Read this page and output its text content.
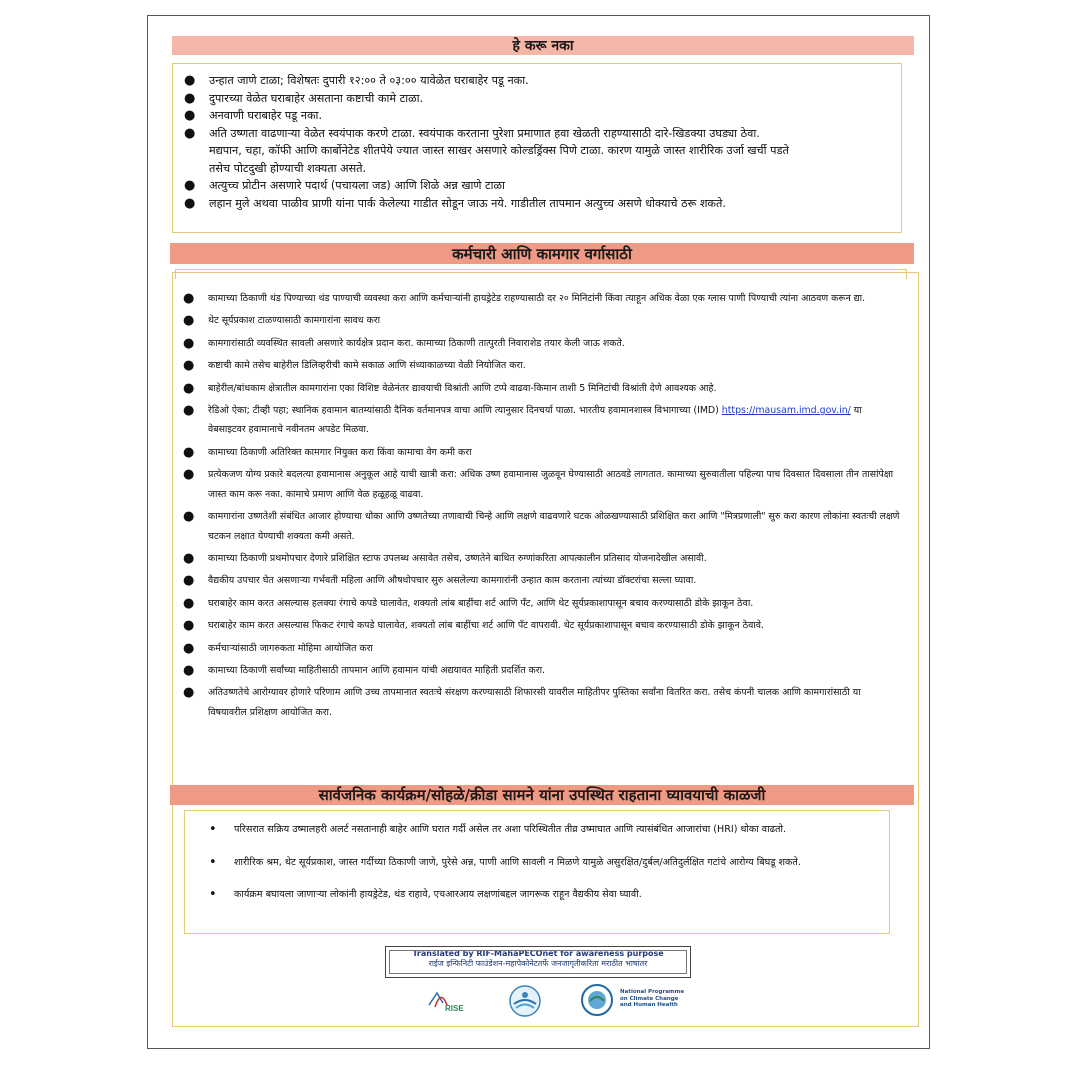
हे करू नका
● उन्हात जाणे टाळा; विशेषतः दुपारी १२:०० ते ०३:०० यावेळेत घराबाहेर पडू नका.
● दुपारच्या वेळेत घराबाहेर असताना कष्टाची कामे टाळा.
● अनवाणी घराबाहेर पडू नका.
● अति उष्णता वाढणाऱ्या वेळेत स्वयंपाक करणे टाळा. स्वयंपाक करताना पुरेशा प्रमाणात हवा खेळती राहण्यासाठी दारे-खिडक्या उघड्या ठेवा. मद्यपान, चहा, कॉफी आणि कार्बोनेटेड शीतपेये ज्यात जास्त साखर असणारे कोल्डड्रिंक्स पिणे टाळा. कारण यामुळे जास्त शारीरिक उर्जा खर्ची पडते तसेच पोटदुखी होण्याची शक्यता असते.
● अत्युच्च प्रोटीन असणारे पदार्थ (पचायला जड) आणि शिळे अन्न खाणे टाळा
● लहान मुले अथवा पाळीव प्राणी यांना पार्क केलेल्या गाडीत सोडून जाऊ नये. गाडीतील तापमान अत्युच्च असणे धोक्याचे ठरू शकते.
कर्मचारी आणि कामगार वर्गासाठी
● कामाच्या ठिकाणी थंड पिण्याच्या थंड पाण्याची व्यवस्था करा आणि कर्मचाऱ्यांनी हायड्रेटेड राहण्यासाठी दर २० मिनिटांनी किंवा त्याहून अधिक वेळा एक ग्लास पाणी पिण्याची त्यांना आठवण करून द्या.
● थेट सूर्यप्रकाश टाळण्यासाठी कामगारांना सावध करा
● कामगारांसाठी व्यवस्थित सावली असणारे कार्यक्षेत्र प्रदान करा. कामाच्या ठिकाणी तात्पुरती निवाराशेड तयार केली जाऊ शकते.
● कष्टाची कामे तसेच बाहेरील डिलिव्हरीची कामे सकाळ आणि संध्याकाळच्या वेळी नियोजित करा.
● बाहेरील/बांधकाम क्षेत्रातील कामगारांना एका विशिष्ट वेळेनंतर द्यावयाची विश्रांती आणि टप्पे वाढवा-किमान ताशी 5 मिनिटांची विश्रांती देणे आवश्यक आहे.
● रेडिओ ऐका; टीव्ही पहा; स्थानिक हवामान बातम्यांसाठी दैनिक वर्तमानपत्र वाचा आणि त्यानुसार दिनचर्या पाळा. भारतीय हवामानशास्त्र विभागाच्या (IMD) https://mausam.imd.gov.in/ या वेबसाइटवर हवामानाचे नवीनतम अपडेट मिळवा.
● कामाच्या ठिकाणी अतिरिक्त कामगार नियुक्त करा किंवा कामाचा वेग कमी करा
● प्रत्येकजण योग्य प्रकारे बदलत्या हवामानास अनुकूल आहे याची खात्री करा: अधिक उष्ण हवामानास जुळवून घेण्यासाठी आठवडे लागतात. कामाच्या सुरुवातीला पहिल्या पाच दिवसात दिवसाला तीन तासांपेक्षा जास्त काम करू नका. कामाचे प्रमाण आणि वेळ हळूहळू वाढवा.
● कामगारांना उष्णतेशी संबंधित आजार होण्याचा धोका आणि उष्णतेच्या तणावाची चिन्हे आणि लक्षणे वाढवणारे घटक ओळखण्यासाठी प्रशिक्षित करा आणि "मित्रप्रणाली" सुरु करा कारण लोकांना स्वतःची लक्षणे चटकन लक्षात येण्याची शक्यता कमी असते.
● कामाच्या ठिकाणी प्रथमोपचार देणारे प्रशिक्षित स्टाफ उपलब्ध असावेत तसेच, उष्णतेने बाधित रुग्णांकरिता आपत्कालीन प्रतिसाद योजनादेखील असावी.
● वैद्यकीय उपचार घेत असणाऱ्या गर्भवती महिला आणि औषधोपचार सुरु असलेल्या कामगारांनी उन्हात काम करताना त्यांच्या डॉक्टरांचा सल्ला घ्यावा.
● घराबाहेर काम करत असल्यास हलक्या रंगाचे कपडे घालावेत, शक्यतो लांब बाहींचा शर्ट आणि पँट, आणि थेट सूर्यप्रकाशापासून बचाव करण्यासाठी डोके झाकून ठेवा.
● घराबाहेर काम करत असल्यास फिकट रंगाचे कपडे घालावेत, शक्यतो लांब बाहींचा शर्ट आणि पँट वापरावी. थेट सूर्यप्रकाशापासून बचाव करण्यासाठी डोके झाकून ठेवावे.
● कर्मचाऱ्यांसाठी जागरुकता मोहिमा आयोजित करा
● कामाच्या ठिकाणी सर्वांच्या माहितीसाठी तापमान आणि हवामान यांची अद्ययावत माहिती प्रदर्शित करा.
● अतिउष्णतेचे आरोग्यावर होणारे परिणाम आणि उच्च तापमानात स्वतःचे संरक्षण करण्यासाठी शिफारसी यावरील माहितीपर पुस्तिका सर्वांना वितरित करा. तसेच कंपनी चालक आणि कामगारांसाठी या विषयावरील प्रशिक्षण आयोजित करा.
सार्वजनिक कार्यक्रम/सोहळे/क्रीडा सामने यांना उपस्थित राहताना घ्यावयाची काळजी
• परिसरात सक्रिय उष्मालहरी अलर्ट नसतानाही बाहेर आणि घरात गर्दी असेल तर अशा परिस्थितीत तीव्र उष्माघात आणि त्यासंबंधित आजारांचा (HRI) धोका वाढतो.
• शारीरिक श्रम, थेट सूर्यप्रकाश, जास्त गर्दीच्या ठिकाणी जाणे, पुरेसे अन्न, पाणी आणि सावली न मिळणे यामुळे असुरक्षित/दुर्बल/अतिदुर्लक्षित गटांचे आरोग्य बिघडू शकते.
• कार्यक्रम बघायला जाणाऱ्या लोकांनी हायड्रेटेड, थंड राहावे, एचआरआय लक्षणांबद्दल जागरूक राहून वैद्यकीय सेवा घ्यावी.
Translated by RIF-MahaPECOnet for awareness purpose
राईज इन्फिनिटी फाउंडेशन-महापेकोनेटतर्फे जनजागृतीकरिता मराठीत भाषांतर
RISE
National Programme
on Climate Change
and Human Health
